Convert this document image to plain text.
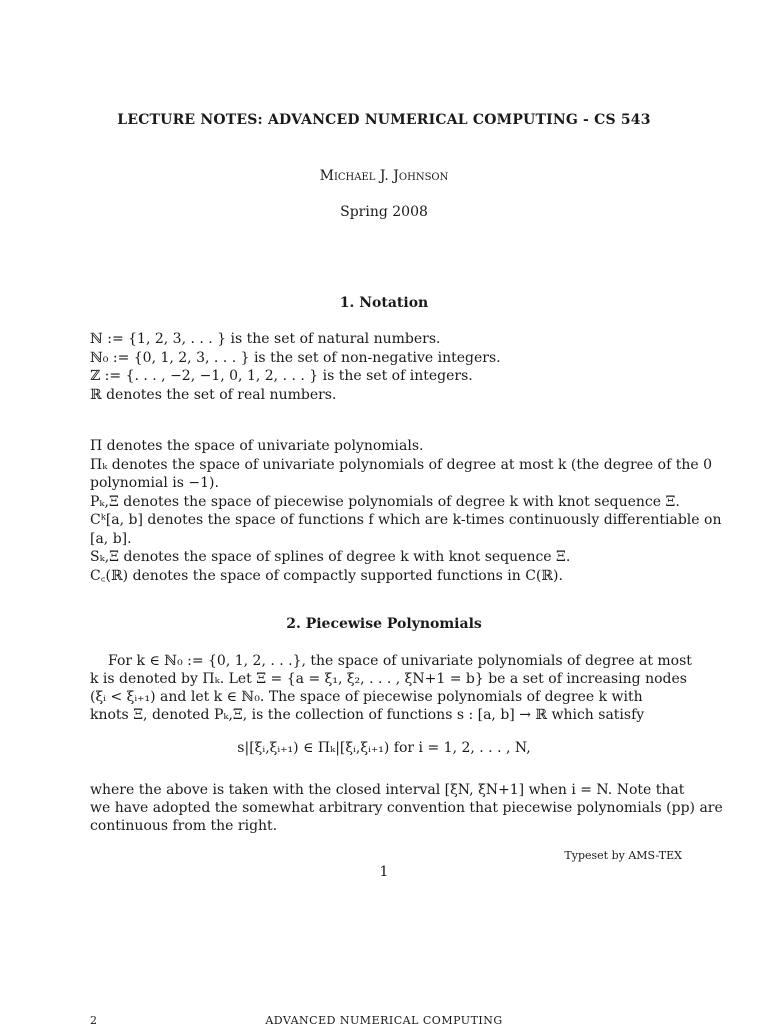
LECTURE NOTES: ADVANCED NUMERICAL COMPUTING - CS 543
Michael J. Johnson
Spring 2008
1. Notation
ℕ := {1, 2, 3, . . . } is the set of natural numbers.
ℕ₀ := {0, 1, 2, 3, . . . } is the set of non-negative integers.
ℤ := {. . . , −2, −1, 0, 1, 2, . . . } is the set of integers.
ℝ denotes the set of real numbers.
Π denotes the space of univariate polynomials.
Πₖ denotes the space of univariate polynomials of degree at most k (the degree of the 0
polynomial is −1).
Pₖ,Ξ denotes the space of piecewise polynomials of degree k with knot sequence Ξ.
Cᵏ[a, b] denotes the space of functions f which are k-times continuously differentiable on
[a, b].
Sₖ,Ξ denotes the space of splines of degree k with knot sequence Ξ.
C꜀(ℝ) denotes the space of compactly supported functions in C(ℝ).
2. Piecewise Polynomials
For k ∈ ℕ₀ := {0, 1, 2, . . .}, the space of univariate polynomials of degree at most
k is denoted by Πₖ. Let Ξ = {a = ξ₁, ξ₂, . . . , ξN+1 = b} be a set of increasing nodes
(ξᵢ < ξᵢ₊₁) and let k ∈ ℕ₀. The space of piecewise polynomials of degree k with
knots Ξ, denoted Pₖ,Ξ, is the collection of functions s : [a, b] → ℝ which satisfy
s|[ξᵢ,ξᵢ₊₁) ∈ Πₖ|[ξᵢ,ξᵢ₊₁) for i = 1, 2, . . . , N,
where the above is taken with the closed interval [ξN, ξN+1] when i = N. Note that
we have adopted the somewhat arbitrary convention that piecewise polynomials (pp) are
continuous from the right.
Typeset by AMS-TEX
1
2	ADVANCED NUMERICAL COMPUTING
